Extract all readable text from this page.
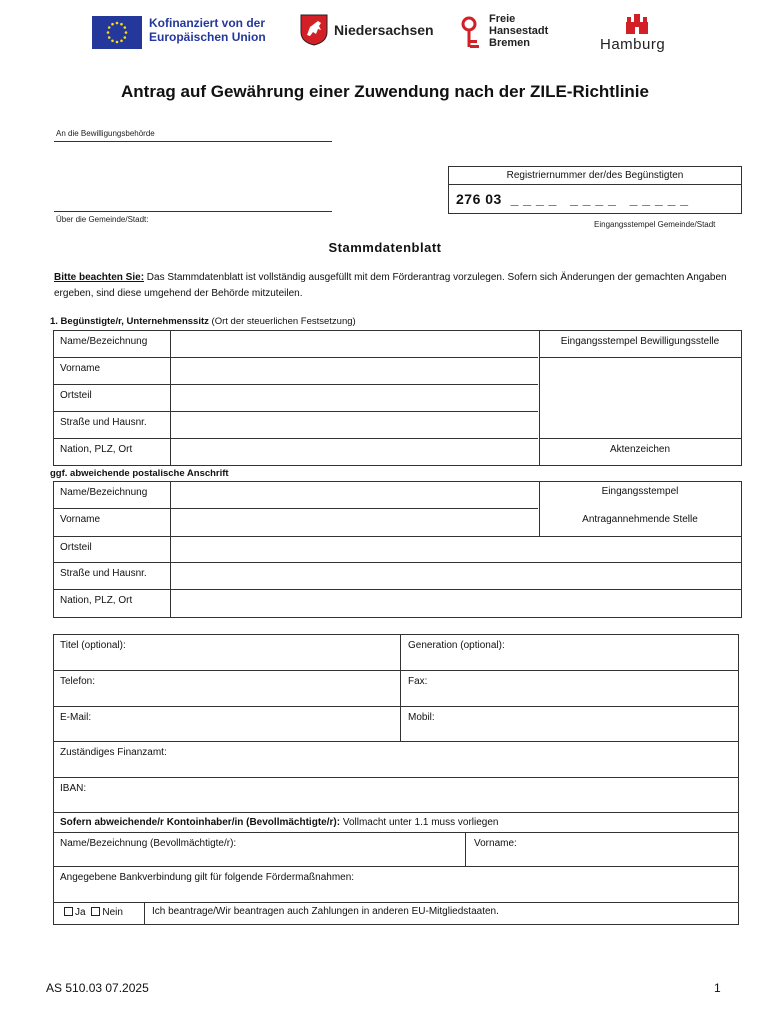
Kofinanziert von der
Europäischen Union	Niedersachsen
Freie
Hansestadt
Bremen	Hamburg
Antrag auf Gewährung einer Zuwendung nach der ZILE-Richtlinie
An die Bewilligungsbehörde
Über die Gemeinde/Stadt:
Registriernummer der/des Begünstigten
276 03  _ _ _ _   _ _ _ _   _ _ _ _ _
Eingangsstempel Gemeinde/Stadt
Stammdatenblatt
Bitte beachten Sie: Das Stammdatenblatt ist vollständig ausgefüllt mit dem Förderantrag vorzulegen. Sofern sich Änderungen der gemachten Angaben ergeben, sind diese umgehend der Behörde mitzuteilen.
1. Begünstigte/r, Unternehmenssitz (Ort der steuerlichen Festsetzung)
Name/Bezeichnung
Vorname
Ortsteil
Straße und Hausnr.
Nation, PLZ, Ort
Eingangsstempel Bewilligungsstelle
Aktenzeichen
ggf. abweichende postalische Anschrift
Name/Bezeichnung
Vorname
Ortsteil
Straße und Hausnr.
Nation, PLZ, Ort
Eingangsstempel
Antragannehmende Stelle
Titel (optional):	Generation (optional):
Telefon:	Fax:
E-Mail:	Mobil:
Zuständiges Finanzamt:
IBAN:
Sofern abweichende/r Kontoinhaber/in (Bevollmächtigte/r): Vollmacht unter 1.1 muss vorliegen
Name/Bezeichnung (Bevollmächtigte/r):	Vorname:
Angegebene Bankverbindung gilt für folgende Fördermaßnahmen:
Ja Nein	Ich beantrage/Wir beantragen auch Zahlungen in anderen EU-Mitgliedstaaten.
AS 510.03 07.2025	1
